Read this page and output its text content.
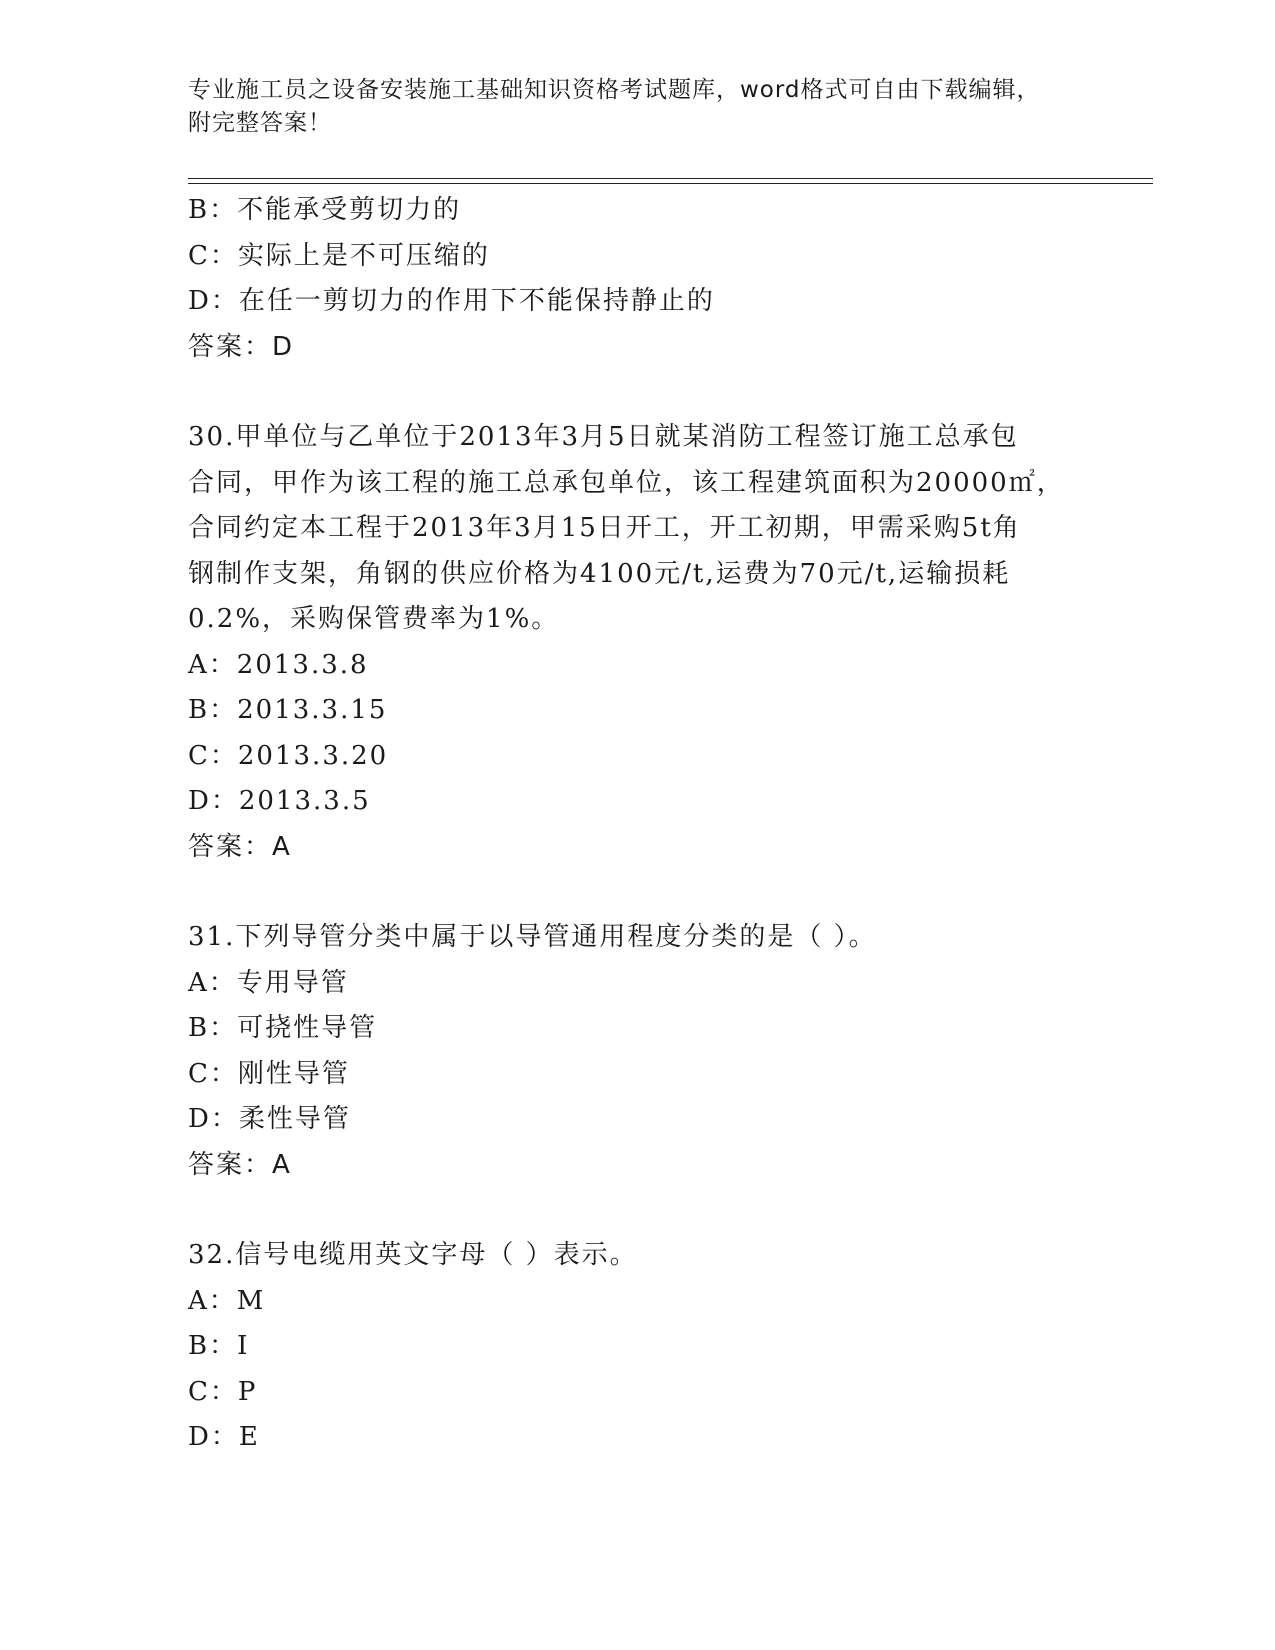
专业施工员之设备安装施工基础知识资格考试题库，word格式可自由下载编辑，
附完整答案！
B：不能承受剪切力的
C：实际上是不可压缩的
D：在任一剪切力的作用下不能保持静止的
答案：D
30.甲单位与乙单位于2013年3月5日就某消防工程签订施工总承包
合同，甲作为该工程的施工总承包单位，该工程建筑面积为20000㎡，
合同约定本工程于2013年3月15日开工，开工初期，甲需采购5t角
钢制作支架，角钢的供应价格为4100元/t,运费为70元/t,运输损耗
0.2%，采购保管费率为1%。
A：2013.3.8
B：2013.3.15
C：2013.3.20
D：2013.3.5
答案：A
31.下列导管分类中属于以导管通用程度分类的是（ ）。
A：专用导管
B：可挠性导管
C：刚性导管
D：柔性导管
答案：A
32.信号电缆用英文字母（ ）表示。
A：M
B：I
C：P
D：E
